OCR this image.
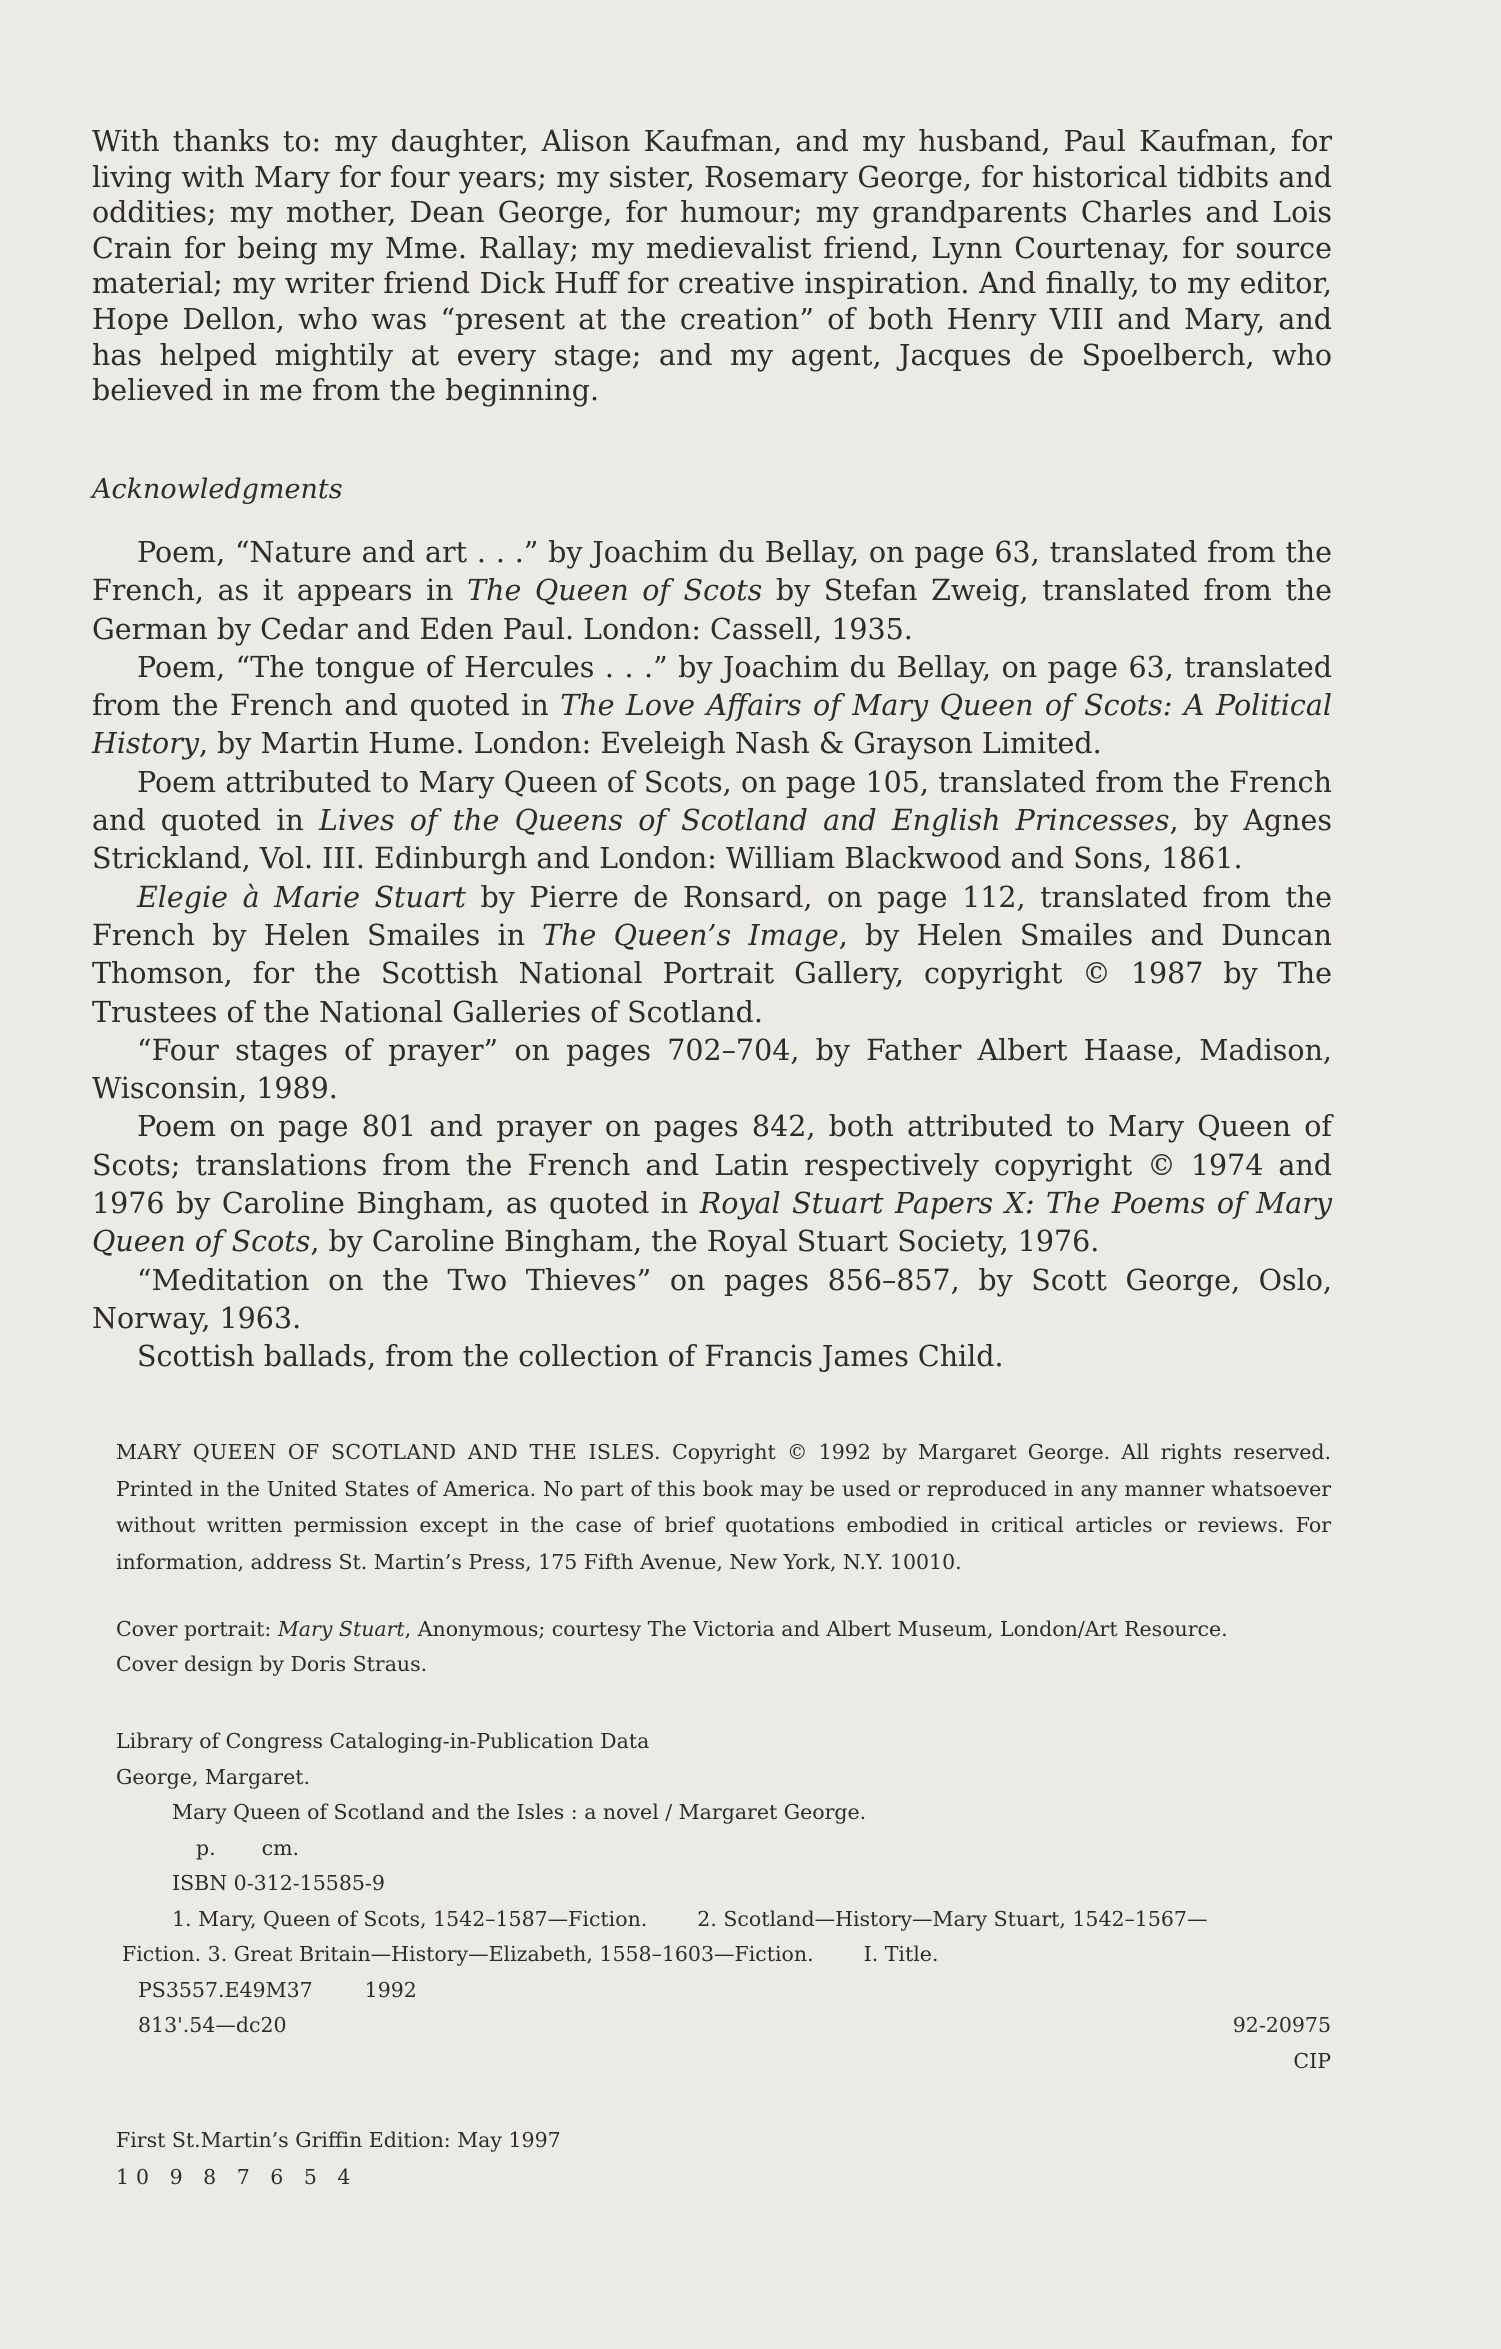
With thanks to: my daughter, Alison Kaufman, and my husband, Paul Kaufman, for living with Mary for four years; my sister, Rosemary George, for historical tidbits and oddities; my mother, Dean George, for humour; my grandparents Charles and Lois Crain for being my Mme. Rallay; my medievalist friend, Lynn Courtenay, for source material; my writer friend Dick Huff for creative inspiration. And finally, to my editor, Hope Dellon, who was “present at the creation” of both Henry VIII and Mary, and has helped mightily at every stage; and my agent, Jacques de Spoelberch, who believed in me from the beginning.

Acknowledgments

Poem, “Nature and art . . .” by Joachim du Bellay, on page 63, translated from the French, as it appears in The Queen of Scots by Stefan Zweig, translated from the German by Cedar and Eden Paul. London: Cassell, 1935.

Poem, “The tongue of Hercules . . .” by Joachim du Bellay, on page 63, translated from the French and quoted in The Love Affairs of Mary Queen of Scots: A Political History, by Martin Hume. London: Eveleigh Nash & Grayson Limited.

Poem attributed to Mary Queen of Scots, on page 105, translated from the French and quoted in Lives of the Queens of Scotland and English Princesses, by Agnes Strickland, Vol. III. Edinburgh and London: William Blackwood and Sons, 1861.

Elegie à Marie Stuart by Pierre de Ronsard, on page 112, translated from the French by Helen Smailes in The Queen’s Image, by Helen Smailes and Duncan Thomson, for the Scottish National Portrait Gallery, copyright © 1987 by The Trustees of the National Galleries of Scotland.

“Four stages of prayer” on pages 702–704, by Father Albert Haase, Madison, Wisconsin, 1989.

Poem on page 801 and prayer on pages 842, both attributed to Mary Queen of Scots; translations from the French and Latin respectively copyright © 1974 and 1976 by Caroline Bingham, as quoted in Royal Stuart Papers X: The Poems of Mary Queen of Scots, by Caroline Bingham, the Royal Stuart Society, 1976.

“Meditation on the Two Thieves” on pages 856–857, by Scott George, Oslo, Norway, 1963.

Scottish ballads, from the collection of Francis James Child.

MARY QUEEN OF SCOTLAND AND THE ISLES. Copyright © 1992 by Margaret George. All rights reserved. Printed in the United States of America. No part of this book may be used or reproduced in any manner whatsoever without written permission except in the case of brief quotations embodied in critical articles or reviews. For information, address St. Martin’s Press, 175 Fifth Avenue, New York, N.Y. 10010.

Cover portrait: Mary Stuart, Anonymous; courtesy The Victoria and Albert Museum, London/Art Resource.
Cover design by Doris Straus.

Library of Congress Cataloging-in-Publication Data

George, Margaret.

Mary Queen of Scotland and the Isles : a novel / Margaret George.

p. cm.

ISBN 0-312-15585-9

1. Mary, Queen of Scots, 1542–1587—Fiction. 2. Scotland—History—Mary Stuart, 1542–1567—

Fiction. 3. Great Britain—History—Elizabeth, 1558–1603—Fiction. I. Title.

PS3557.E49M37	1992

813'.54—dc20	92-20975

CIP

First St.Martin’s Griffin Edition: May 1997

10 9 8 7 6 5 4
